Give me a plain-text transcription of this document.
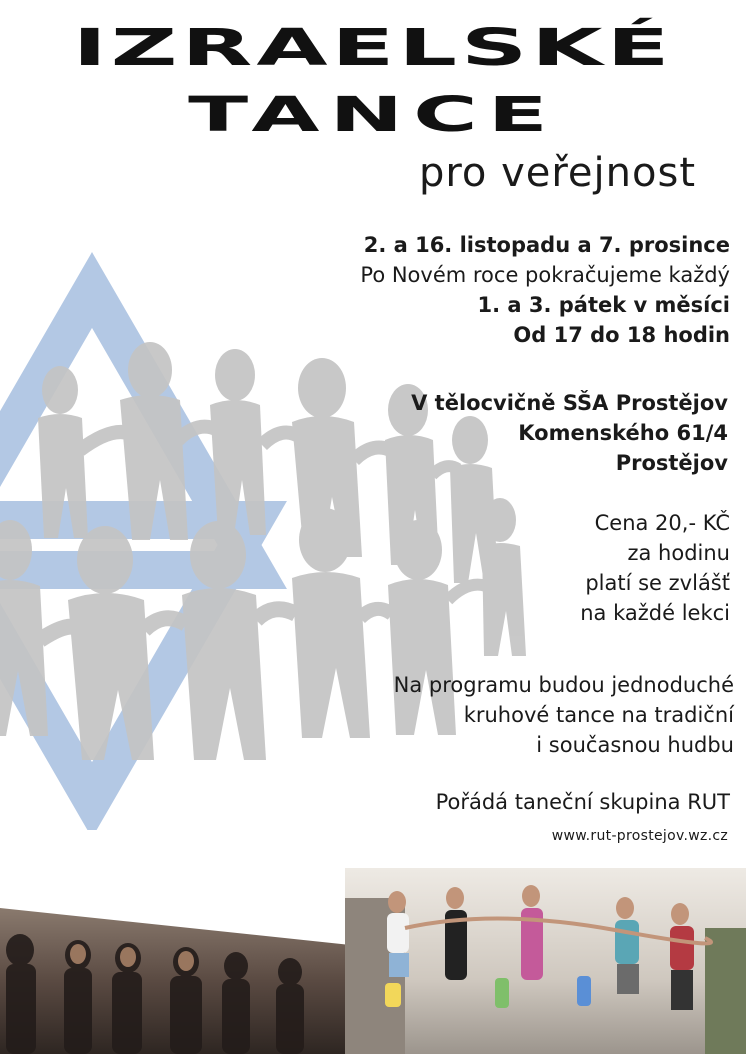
IZRAELSKÉ
TANCE
pro veřejnost
2. a 16. listopadu a 7. prosince
Po Novém roce pokračujeme každý
1. a 3. pátek v měsíci
Od 17 do 18 hodin
V tělocvičně SŠA Prostějov
Komenského 61/4
Prostějov
Cena 20,- KČ
za hodinu
platí se zvlášť
na každé lekci
Na programu budou jednoduché
kruhové tance na tradiční
i současnou hudbu
Pořádá taneční skupina RUT
www.rut-prostejov.wz.cz
